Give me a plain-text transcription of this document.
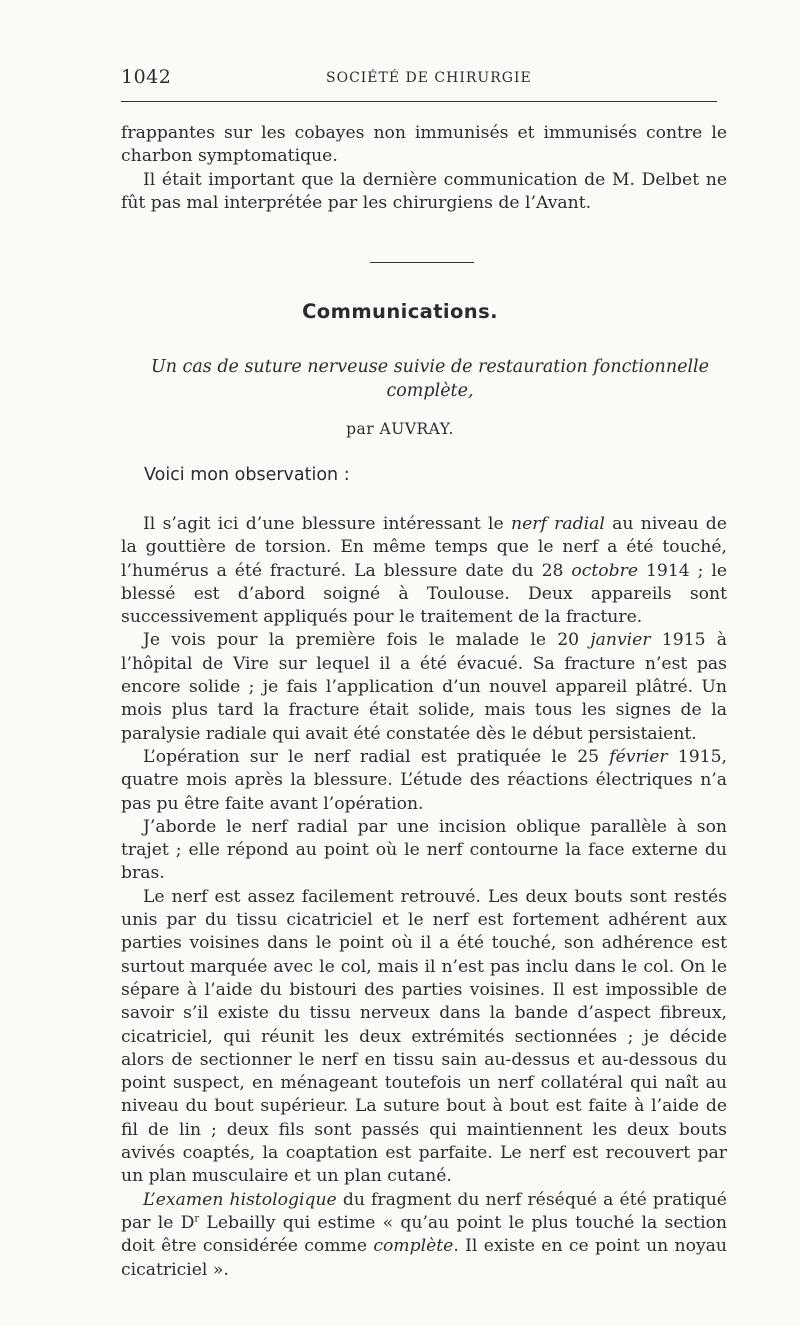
1042	SOCIÉTÉ DE CHIRURGIE

frappantes sur les cobayes non immunisés et immunisés contre le charbon symptomatique.

Il était important que la dernière communication de M. Delbet ne fût pas mal interprétée par les chirurgiens de l’Avant.

Communications.
Un cas de suture nerveuse suivie de restauration fonctionnelle complète,
par AUVRAY.
Voici mon observation :

Il s’agit ici d’une blessure intéressant le nerf radial au niveau de la gouttière de torsion. En même temps que le nerf a été touché, l’humérus a été fracturé. La blessure date du 28 octobre 1914 ; le blessé est d’abord soigné à Toulouse. Deux appareils sont successivement appliqués pour le traitement de la fracture.

Je vois pour la première fois le malade le 20 janvier 1915 à l’hôpital de Vire sur lequel il a été évacué. Sa fracture n’est pas encore solide ; je fais l’application d’un nouvel appareil plâtré. Un mois plus tard la fracture était solide, mais tous les signes de la paralysie radiale qui avait été constatée dès le début persistaient.

L’opération sur le nerf radial est pratiquée le 25 février 1915, quatre mois après la blessure. L’étude des réactions électriques n’a pas pu être faite avant l’opération.

J’aborde le nerf radial par une incision oblique parallèle à son trajet ; elle répond au point où le nerf contourne la face externe du bras.

Le nerf est assez facilement retrouvé. Les deux bouts sont restés unis par du tissu cicatriciel et le nerf est fortement adhérent aux parties voisines dans le point où il a été touché, son adhérence est surtout marquée avec le col, mais il n’est pas inclu dans le col. On le sépare à l’aide du bistouri des parties voisines. Il est impossible de savoir s’il existe du tissu nerveux dans la bande d’aspect fibreux, cicatriciel, qui réunit les deux extrémités sectionnées ; je décide alors de sectionner le nerf en tissu sain au-dessus et au-dessous du point suspect, en ménageant toutefois un nerf collatéral qui naît au niveau du bout supérieur. La suture bout à bout est faite à l’aide de fil de lin ; deux fils sont passés qui maintiennent les deux bouts avivés coaptés, la coaptation est parfaite. Le nerf est recouvert par un plan musculaire et un plan cutané.

L’examen histologique du fragment du nerf réséqué a été pratiqué par le $D^r$ Lebailly qui estime « qu’au point le plus touché la section doit être considérée comme complète. Il existe en ce point un noyau cicatriciel ».
